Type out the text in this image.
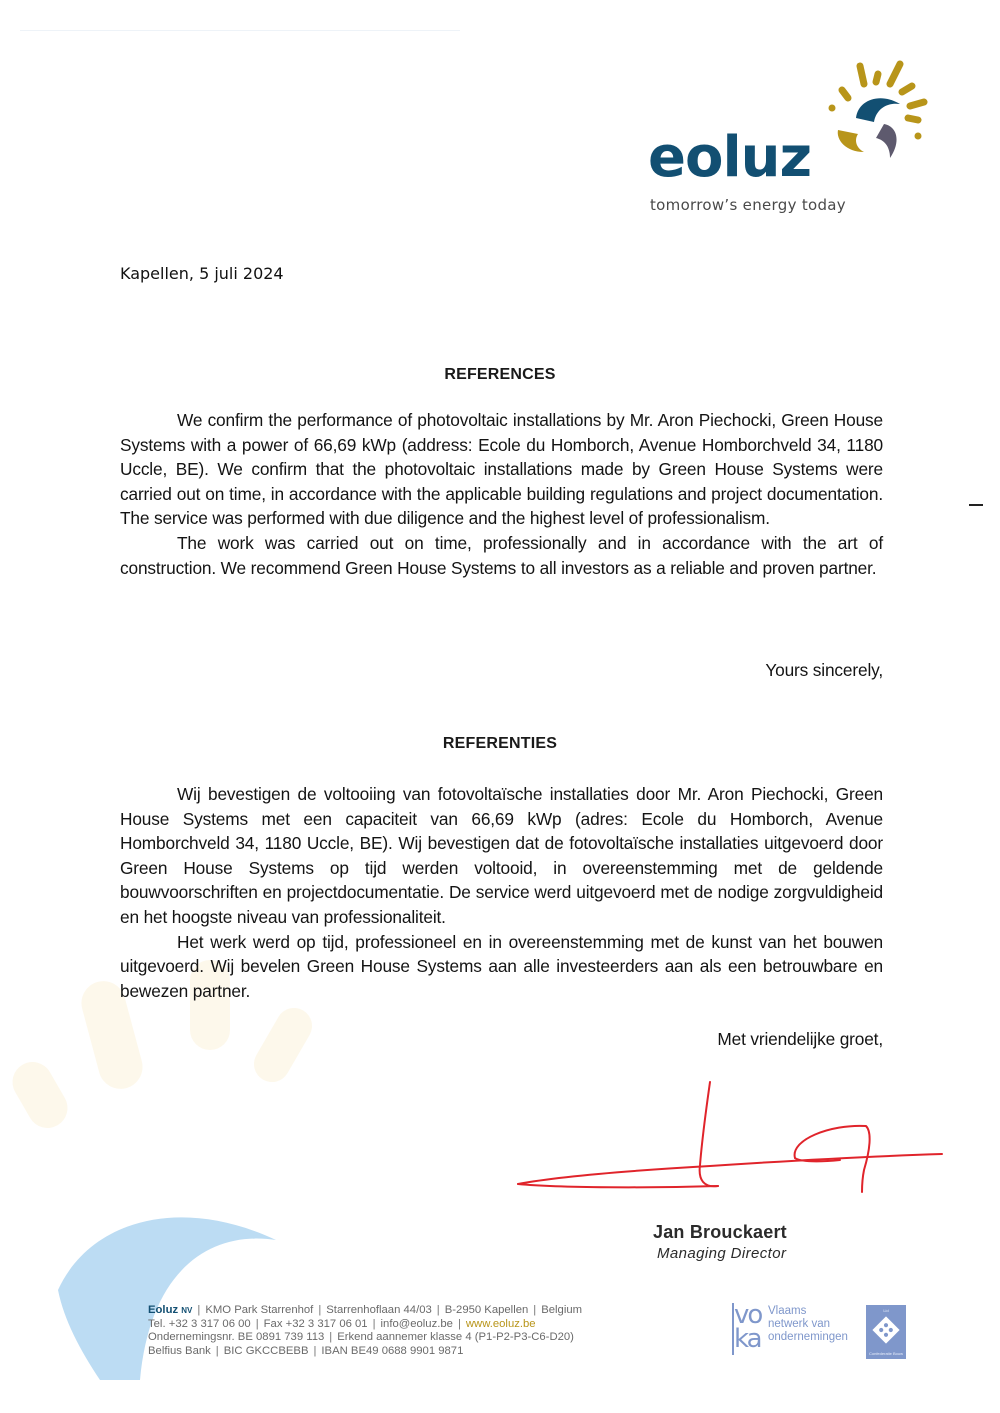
eoluz
tomorrow’s energy today
Kapellen, 5 juli 2024
REFERENCES

We confirm the performance of photovoltaic installations by Mr. Aron Piechocki, Green House Systems with a power of 66,69 kWp (address: Ecole du Homborch, Avenue Homborchveld 34, 1180 Uccle, BE). We confirm that the photovoltaic installations made by Green House Systems were carried out on time, in accordance with the applicable building regulations and project documentation. The service was performed with due diligence and the highest level of professionalism.

The work was carried out on time, professionally and in accordance with the art of construction. We recommend Green House Systems to all investors as a reliable and proven partner.

Yours sincerely,
REFERENTIES

Wij bevestigen de voltooiing van fotovoltaïsche installaties door Mr. Aron Piechocki, Green House Systems met een capaciteit van 66,69 kWp (adres: Ecole du Homborch, Avenue Homborchveld 34, 1180 Uccle, BE). Wij bevestigen dat de fotovoltaïsche installaties uitgevoerd door Green House Systems op tijd werden voltooid, in overeenstemming met de geldende bouwvoorschriften en projectdocumentatie. De service werd uitgevoerd met de nodige zorgvuldigheid en het hoogste niveau van professionaliteit.

Het werk werd op tijd, professioneel en in overeenstemming met de kunst van het bouwen uitgevoerd. Wij bevelen Green House Systems aan alle investeerders aan als een betrouwbare en bewezen partner.

Met vriendelijke groet,
Jan Brouckaert
Managing Director
Eoluz NV | KMO Park Starrenhof | Starrenhoflaan 44/03 | B-2950 Kapellen | Belgium
Tel. +32 3 317 06 00 | Fax +32 3 317 06 01 | info@eoluz.be | www.eoluz.be
Ondernemingsnr. BE 0891 739 113 | Erkend aannemer klasse 4 (P1-P2-P3-C6-D20)
Belfius Bank | BIC GKCCBEBB | IBAN BE49 0688 9901 9871
vo
ka
Vlaams
netwerk van
ondernemingen
Lid
Confederatie Bouw
